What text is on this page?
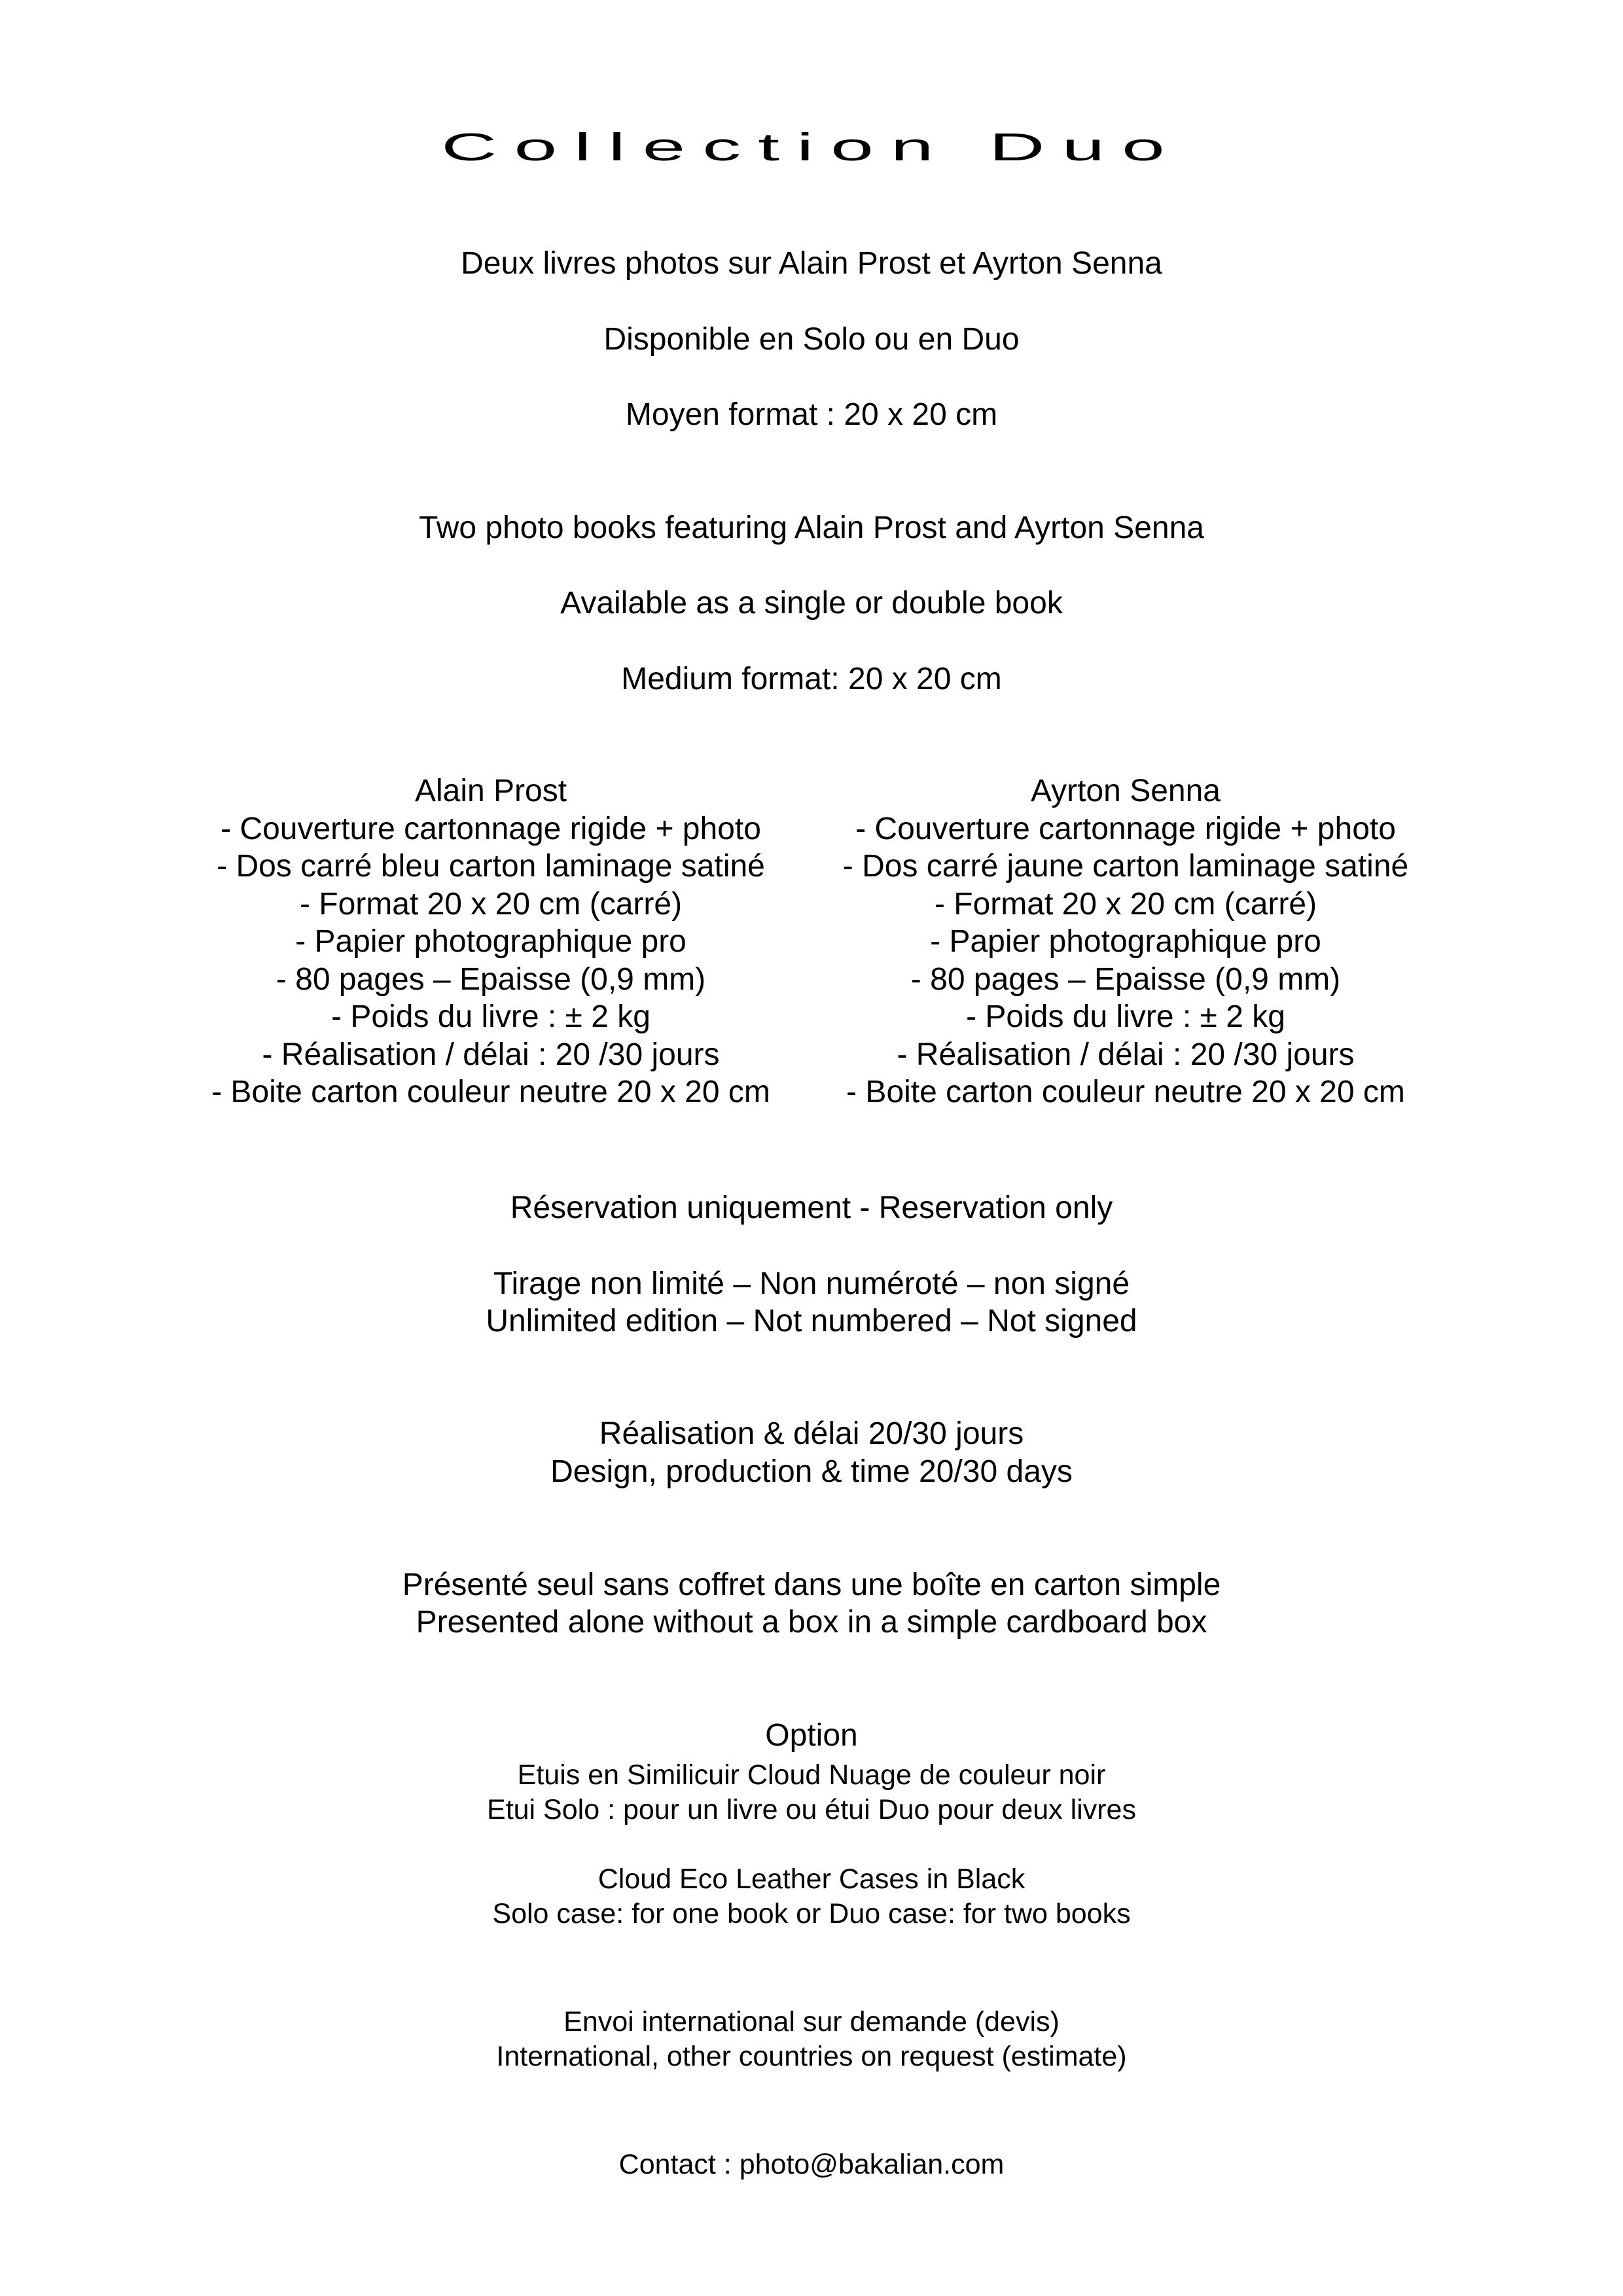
Collection Duo
Deux livres photos sur Alain Prost et Ayrton Senna
Disponible en Solo ou en Duo
Moyen format : 20 x 20 cm
Two photo books featuring Alain Prost and Ayrton Senna
Available as a single or double book
Medium format: 20 x 20 cm
Alain Prost
- Couverture cartonnage rigide + photo
- Dos carré bleu carton laminage satiné
- Format 20 x 20 cm (carré)
- Papier photographique pro
- 80 pages – Epaisse (0,9 mm)
- Poids du livre : ± 2 kg
- Réalisation / délai : 20 /30 jours
- Boite carton couleur neutre 20 x 20 cm
Ayrton Senna
- Couverture cartonnage rigide + photo
- Dos carré jaune carton laminage satiné
- Format 20 x 20 cm (carré)
- Papier photographique pro
- 80 pages – Epaisse (0,9 mm)
- Poids du livre : ± 2 kg
- Réalisation / délai : 20 /30 jours
- Boite carton couleur neutre 20 x 20 cm
Réservation uniquement - Reservation only
Tirage non limité – Non numéroté – non signé
Unlimited edition – Not numbered – Not signed
Réalisation & délai 20/30 jours
Design, production & time 20/30 days
Présenté seul sans coffret dans une boîte en carton simple
Presented alone without a box in a simple cardboard box
Option
Etuis en Similicuir Cloud Nuage de couleur noir
Etui Solo : pour un livre ou étui Duo pour deux livres
Cloud Eco Leather Cases in Black
Solo case: for one book or Duo case: for two books
Envoi international sur demande (devis)
International, other countries on request (estimate)
Contact : photo@bakalian.com
